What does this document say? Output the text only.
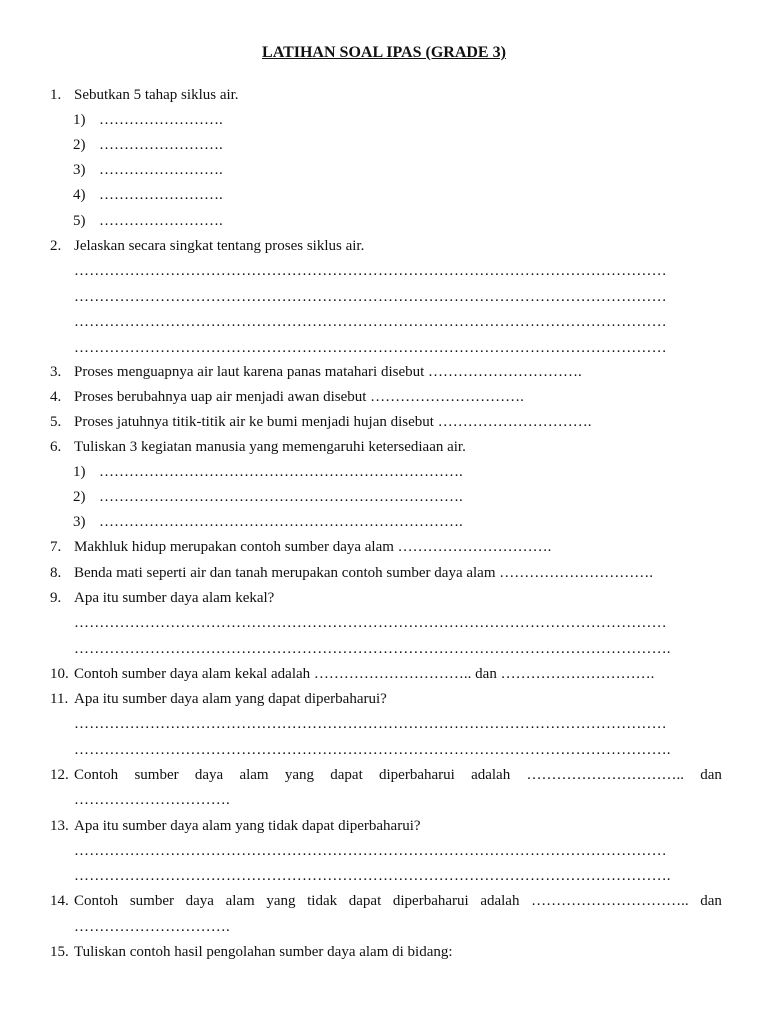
LATIHAN SOAL IPAS (GRADE 3)
1. Sebutkan 5 tahap siklus air.
1) …………………….
2) …………………….
3) …………………….
4) …………………….
5) …………………….
2. Jelaskan secara singkat tentang proses siklus air.
………………………………………………………………………………………………………
………………………………………………………………………………………………………
………………………………………………………………………………………………………
………………………………………………………………………………………………………
3. Proses menguapnya air laut karena panas matahari disebut ………………………….
4. Proses berubahnya uap air menjadi awan disebut ………………………….
5. Proses jatuhnya titik-titik air ke bumi menjadi hujan disebut ………………………….
6. Tuliskan 3 kegiatan manusia yang memengaruhi ketersediaan air.
1) ……………………………………………………………….
2) ……………………………………………………………….
3) ……………………………………………………………….
7. Makhluk hidup merupakan contoh sumber daya alam ………………………….
8. Benda mati seperti air dan tanah merupakan contoh sumber daya alam ………………………….
9. Apa itu sumber daya alam kekal?
………………………………………………………………………………………………………
……………………………………………………………………………………………………….
10. Contoh sumber daya alam kekal adalah ………………………….. dan ………………………….
11. Apa itu sumber daya alam yang dapat diperbaharui?
………………………………………………………………………………………………………
……………………………………………………………………………………………………….
12. Contoh sumber daya alam yang dapat diperbaharui adalah ………………………….. dan
………………………….
13. Apa itu sumber daya alam yang tidak dapat diperbaharui?
………………………………………………………………………………………………………
……………………………………………………………………………………………………….
14. Contoh sumber daya alam yang tidak dapat diperbaharui adalah ………………………….. dan
………………………….
15. Tuliskan contoh hasil pengolahan sumber daya alam di bidang:
